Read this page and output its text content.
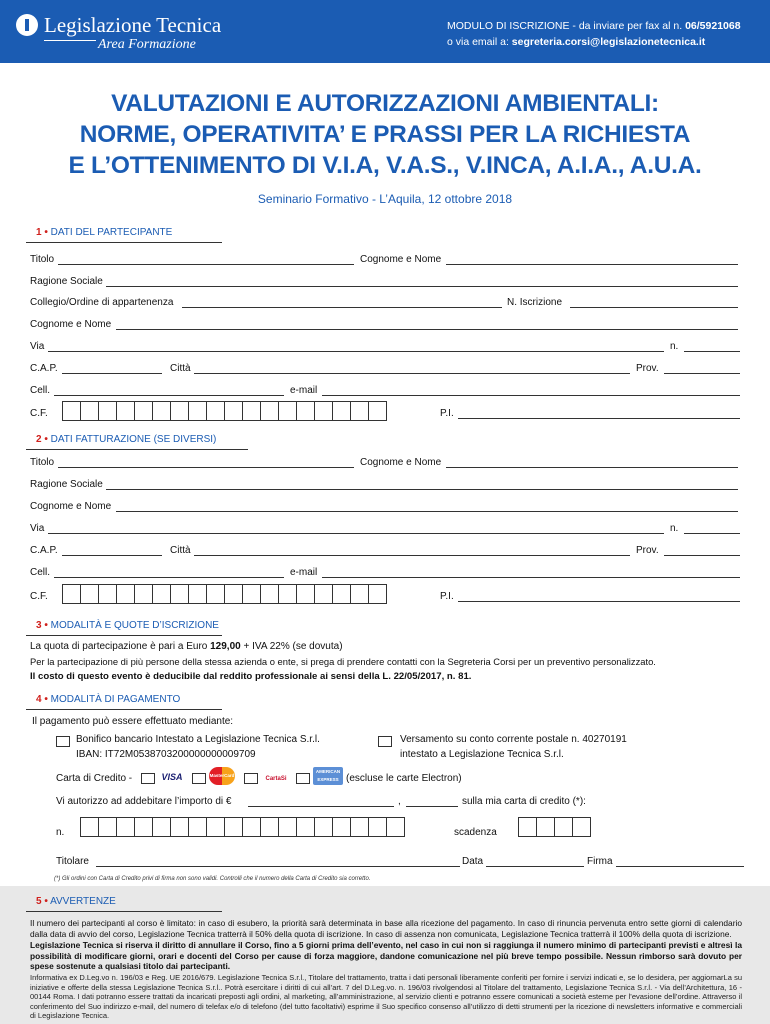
Legislazione Tecnica
Area Formazione
MODULO DI ISCRIZIONE - da inviare per fax al n. 06/5921068
o via email a: segreteria.corsi@legislazionetecnica.it
VALUTAZIONI E AUTORIZZAZIONI AMBIENTALI:
NORME, OPERATIVITA’ E PRASSI PER LA RICHIESTA
E L’OTTENIMENTO DI V.I.A, V.A.S., V.INCA, A.I.A., A.U.A.
Seminario Formativo - L’Aquila, 12 ottobre 2018
1 • DATI DEL PARTECIPANTE
Titolo	Cognome e Nome
Ragione Sociale
Collegio/Ordine di appartenenza	N. Iscrizione
Cognome e Nome
Via	n.
C.A.P.	Città	Prov.
Cell.	e-mail
C.F.	P.I.
2 • DATI FATTURAZIONE (SE DIVERSI)
Titolo	Cognome e Nome
Ragione Sociale
Cognome e Nome
Via	n.
C.A.P.	Città	Prov.
Cell.	e-mail
C.F.	P.I.
3 • MODALITÀ E QUOTE D’ISCRIZIONE
La quota di partecipazione è pari a Euro 129,00 + IVA 22% (se dovuta)
Per la partecipazione di più persone della stessa azienda o ente, si prega di prendere contatti con la Segreteria Corsi per un preventivo personalizzato.
Il costo di questo evento è deducibile dal reddito professionale ai sensi della L. 22/05/2017, n. 81.
4 • MODALITÀ DI PAGAMENTO
Il pagamento può essere effettuato mediante:
Bonifico bancario Intestato a Legislazione Tecnica S.r.l.
IBAN: IT72M0538703200000000009709
Versamento su conto corrente postale n. 40270191
intestato a Legislazione Tecnica S.r.l.
Carta di Credito -	VISA	MasterCard
CartaSi
AMERICAN EXPRESS (escluse le carte Electron)
Vi autorizzo ad addebitare l’importo di €	,	sulla mia carta di credito (*):
n.	scadenza
Titolare	Data	Firma
(*) Gli ordini con Carta di Credito privi di firma non sono validi. Controlli che il numero della Carta di Credito sia corretto.
5 • AVVERTENZE
Il numero dei partecipanti al corso è limitato: in caso di esubero, la priorità sarà determinata in base alla ricezione del pagamento. In caso di rinuncia pervenuta entro sette giorni di calendario dalla data di avvio del corso, Legislazione Tecnica tratterrà il 50% della quota di iscrizione. In caso di assenza non comunicata, Legislazione Tecnica tratterrà il 100% della quota di iscrizione.
Legislazione Tecnica si riserva il diritto di annullare il Corso, fino a 5 giorni prima dell’evento, nel caso in cui non si raggiunga il numero minimo di partecipanti previsti e altresì la possibilità di modificare giorni, orari e docenti del Corso per cause di forza maggiore, dandone comunicazione nel più breve tempo possibile. Nessun rimborso sarà dovuto per spese sostenute a qualsiasi titolo dai partecipanti.
Informativa ex D.Leg.vo n. 196/03 e Reg. UE 2016/679. Legislazione Tecnica S.r.l., Titolare del trattamento, tratta i dati personali liberamente conferiti per fornire i servizi indicati e, se lo desidera, per aggiornarLa su iniziative e offerte della stessa Legislazione Tecnica S.r.l.. Potrà esercitare i diritti di cui all’art. 7 del D.Leg.vo. n. 196/03 rivolgendosi al Titolare del trattamento, Legislazione Tecnica S.r.l. - Via dell’Architettura, 16 - 00144 Roma. I dati potranno essere trattati da incaricati preposti agli ordini, al marketing, all’amministrazione, al servizio clienti e potranno essere comunicati a società esterne per l’evasione dell’ordine. Attraverso il conferimento del Suo indirizzo e-mail, del numero di telefax e/o di telefono (del tutto facoltativi) esprime il Suo specifico consenso all’utilizzo di detti strumenti per la ricezione di newsletters informative e commerciali di Legislazione Tecnica.
